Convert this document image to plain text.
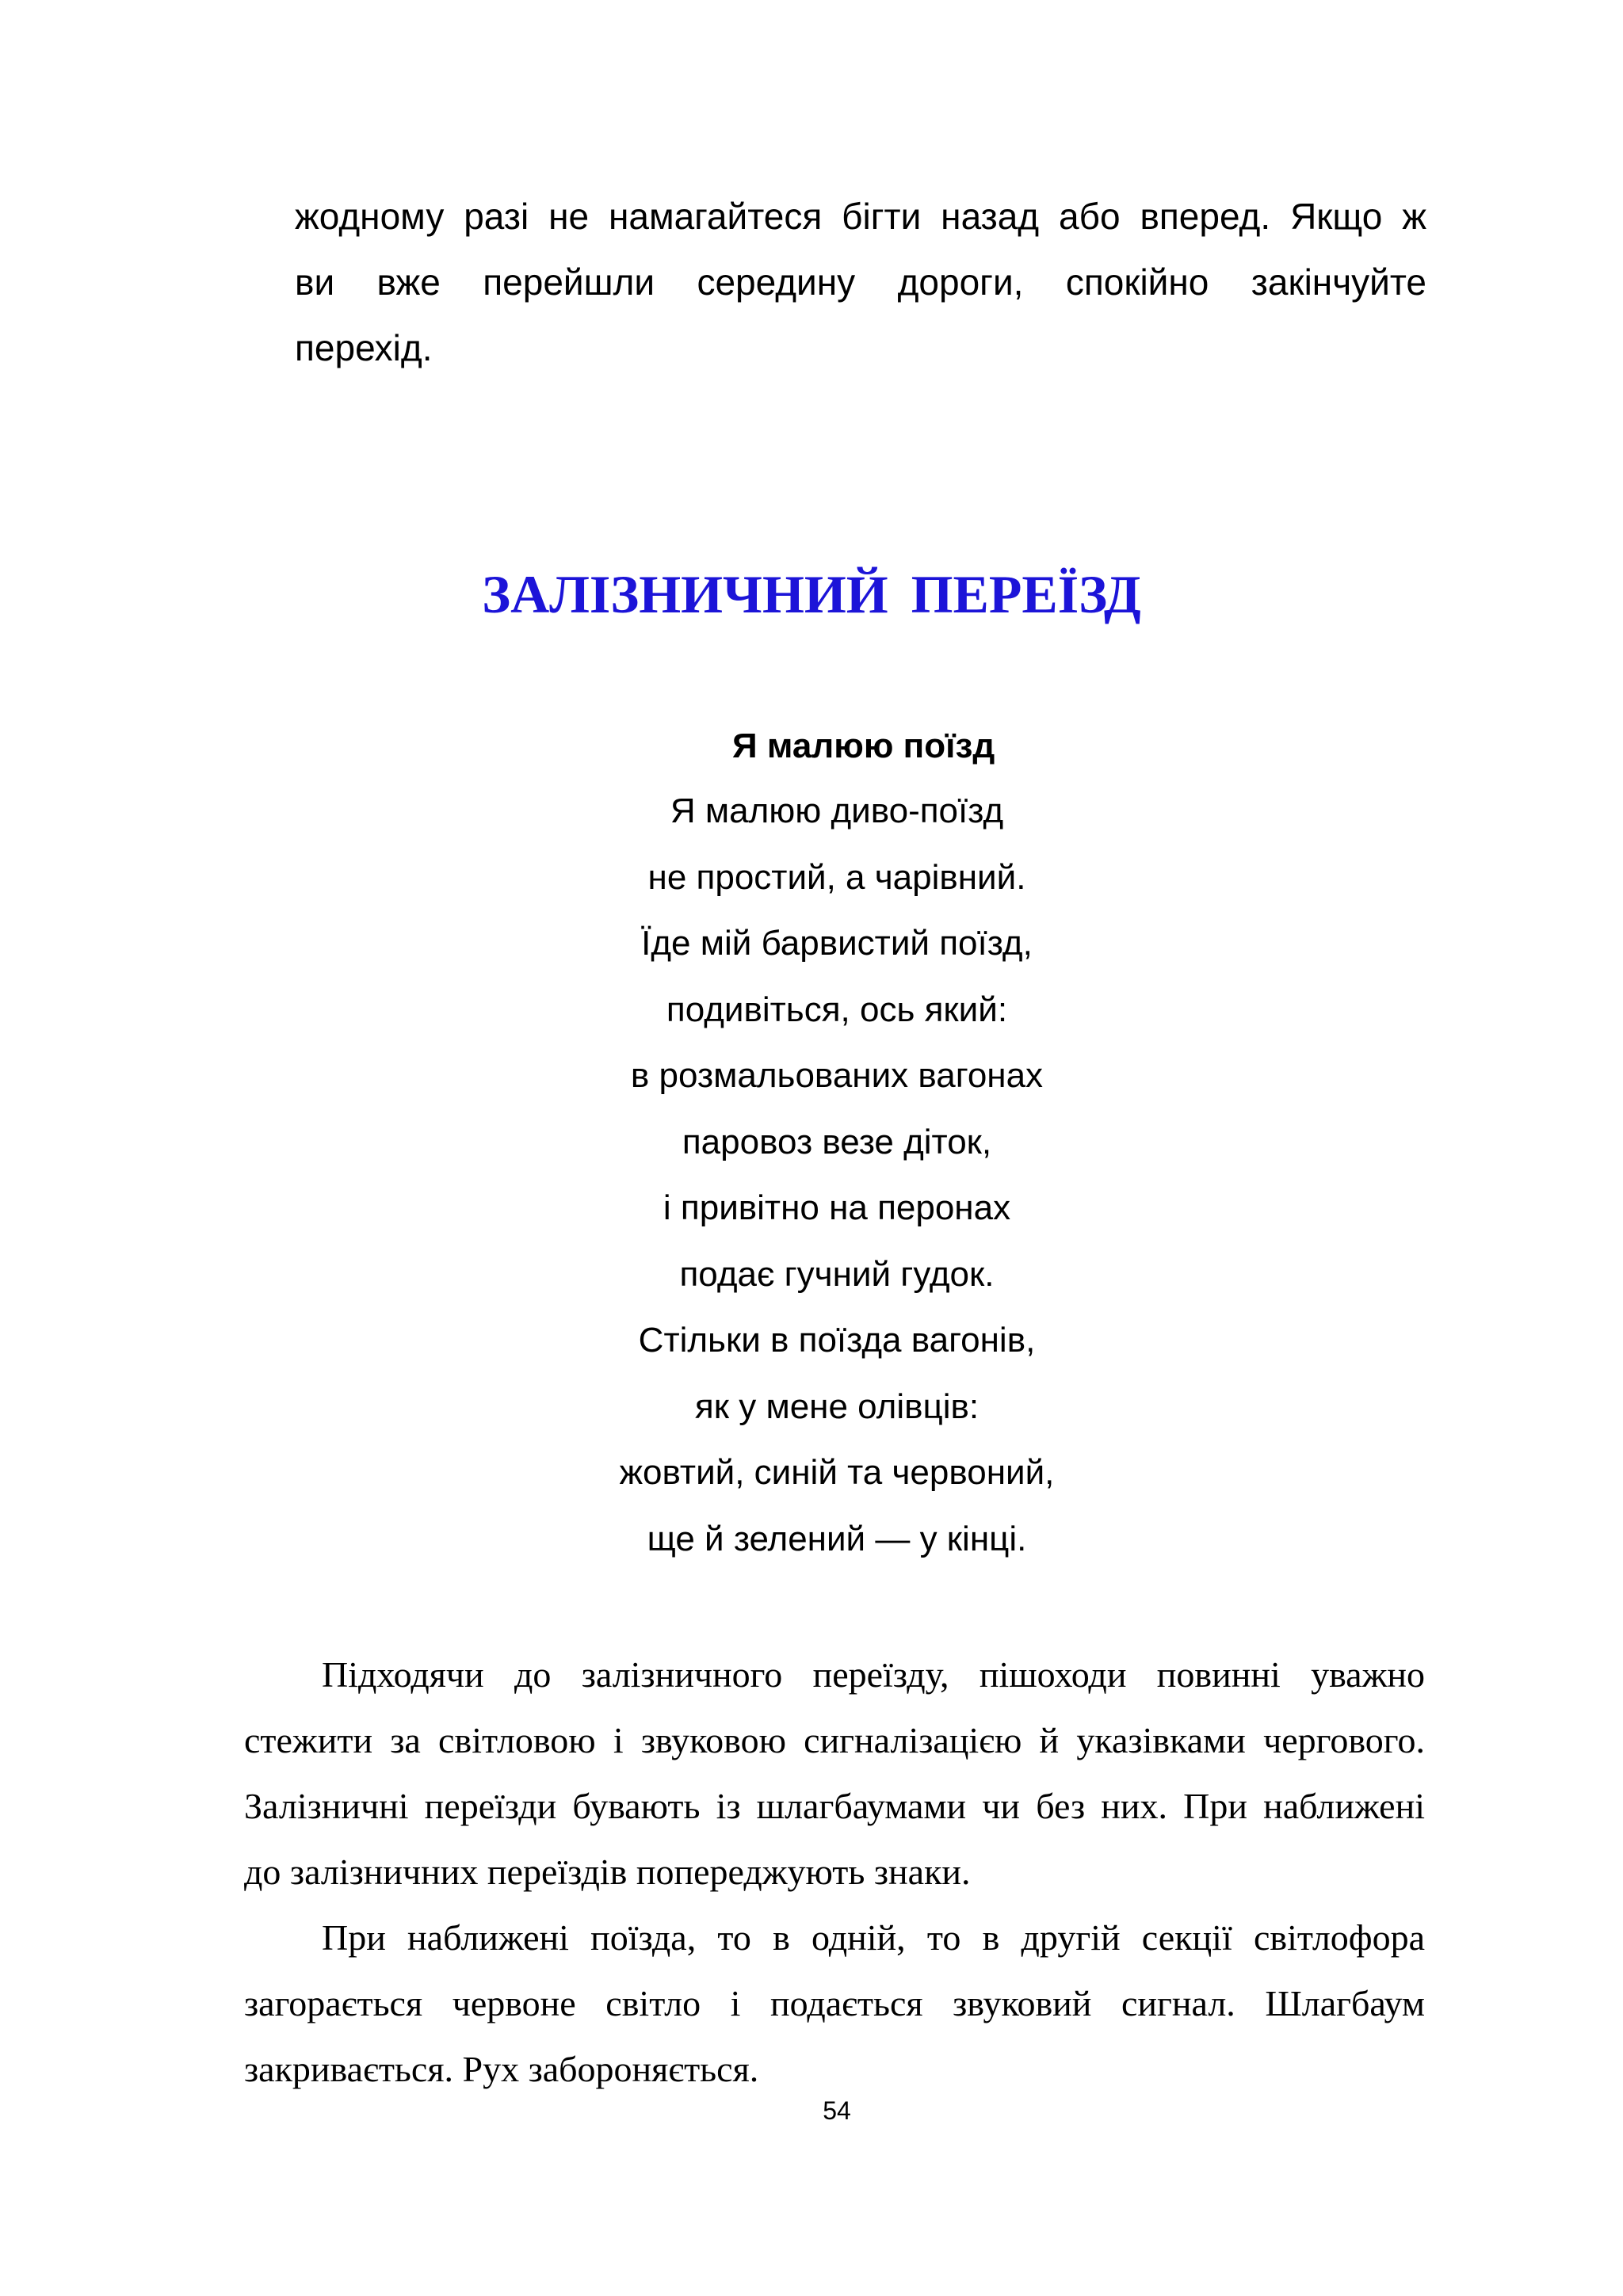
жодному разі не намагайтеся бігти назад або вперед. Якщо ж
ви вже перейшли середину дороги, спокійно закінчуйте
перехід.
ЗАЛІЗНИЧНИЙ ПЕРЕЇЗД
Я малюю поїзд
Я малюю диво-поїзд
не простий, а чарівний.
Їде мій барвистий поїзд,
подивіться, ось який:
в розмальованих вагонах
паровоз везе діток,
і привітно на перонах
подає гучний гудок.
Стільки в поїзда вагонів,
як у мене олівців:
жовтий, синій та червоний,
ще й зелений — у кінці.
Підходячи до залізничного переїзду, пішоходи повинні уважно
стежити за світловою і звуковою сигналізацією й указівками чергового.
Залізничні переїзди бувають із шлагбаумами чи без них. При наближені
до залізничних переїздів попереджують знаки.
При наближені поїзда, то в одній, то в другій секції світлофора
загорається червоне світло і подається звуковий сигнал. Шлагбаум
закривається. Рух забороняється.
54
